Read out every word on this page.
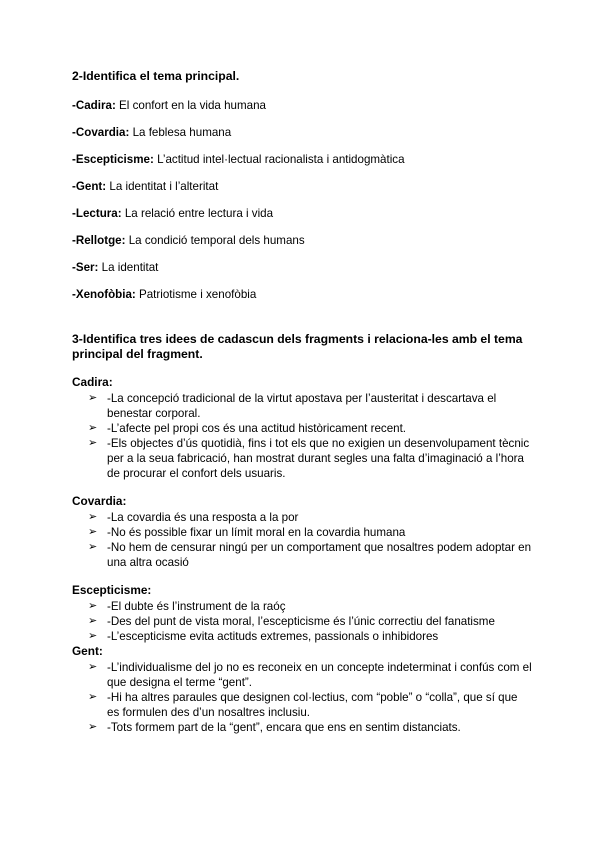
2-Identifica el tema principal.

-Cadira: El confort en la vida humana

-Covardia: La feblesa humana

-Escepticisme: L’actitud intel·lectual racionalista i antidogmàtica

-Gent: La identitat i l’alteritat

-Lectura: La relació entre lectura i vida

-Rellotge: La condició temporal dels humans

-Ser: La identitat

-Xenofòbia: Patriotisme i xenofòbia

3-Identifica tres idees de cadascun dels fragments i relaciona-les amb el tema principal del fragment.

Cadira:

➢ -La concepció tradicional de la virtut apostava per l’austeritat i descartava el benestar corporal.
➢ -L’afecte pel propi cos és una actitud històricament recent.
➢ -Els objectes d’ús quotidià, fins i tot els que no exigien un desenvolupament tècnic per a la seua fabricació, han mostrat durant segles una falta d’imaginació a l’hora de procurar el confort dels usuaris.

Covardia:

➢ -La covardia és una resposta a la por
➢ -No és possible fixar un límit moral en la covardia humana
➢ -No hem de censurar ningú per un comportament que nosaltres podem adoptar en una altra ocasió

Escepticisme:

➢ -El dubte és l’instrument de la raóç
➢ -Des del punt de vista moral, l’escepticisme és l’únic correctiu del fanatisme
➢ -L’escepticisme evita actituds extremes, passionals o inhibidores

Gent:

➢ -L’individualisme del jo no es reconeix en un concepte indeterminat i confús com el que designa el terme “gent”.
➢ -Hi ha altres paraules que designen col·lectius, com “poble” o “colla”, que sí que es formulen des d’un nosaltres inclusiu.
➢ -Tots formem part de la “gent”, encara que ens en sentim distanciats.
